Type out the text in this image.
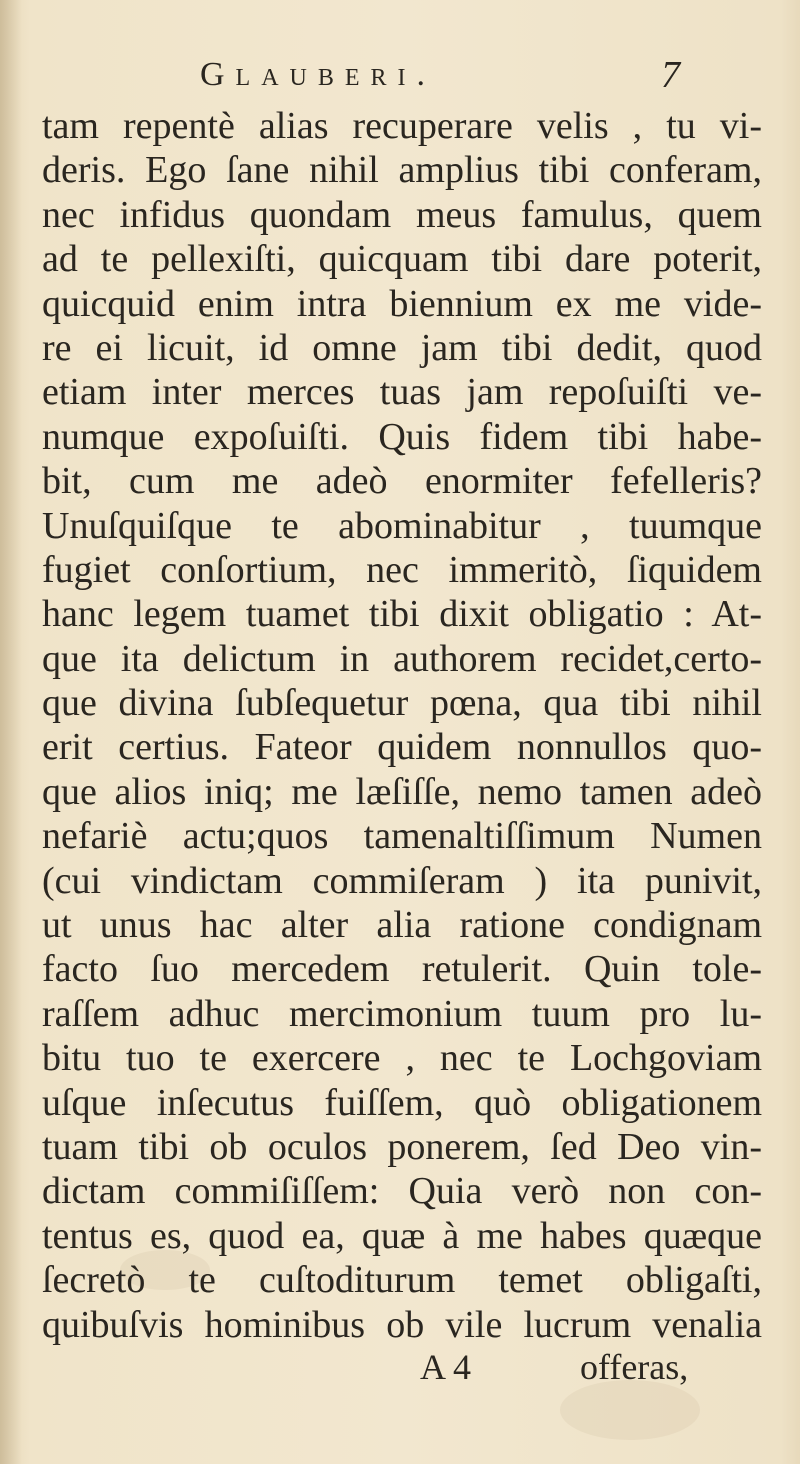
Glauberi.	7
tam repentè alias recuperare velis , tu vi-
deris. Ego ſane nihil amplius tibi conferam,
nec infidus quondam meus famulus, quem
ad te pellexiſti, quicquam tibi dare poterit,
quicquid enim intra biennium ex me vide-
re ei licuit, id omne jam tibi dedit, quod
etiam inter merces tuas jam repoſuiſti ve-
numque expoſuiſti. Quis fidem tibi habe-
bit, cum me adeò enormiter fefelleris?
Unuſquiſque te abominabitur , tuumque
fugiet conſortium, nec immeritò, ſiquidem
hanc legem tuamet tibi dixit obligatio : At-
que ita delictum in authorem recidet,certo-
que divina ſubſequetur pœna, qua tibi nihil
erit certius. Fateor quidem nonnullos quo-
que alios iniq; me læſiſſe, nemo tamen adeò
nefariè actu;quos tamenaltiſſimum Numen
(cui vindictam commiſeram ) ita punivit,
ut unus hac alter alia ratione condignam
facto ſuo mercedem retulerit. Quin tole-
raſſem adhuc mercimonium tuum pro lu-
bitu tuo te exercere , nec te Lochgoviam
uſque inſecutus fuiſſem, quò obligationem
tuam tibi ob oculos ponerem, ſed Deo vin-
dictam commiſiſſem: Quia verò non con-
tentus es, quod ea, quæ à me habes quæque
ſecretò te cuſtoditurum temet obligaſti,
quibuſvis hominibus ob vile lucrum venalia
A 4	offeras,
